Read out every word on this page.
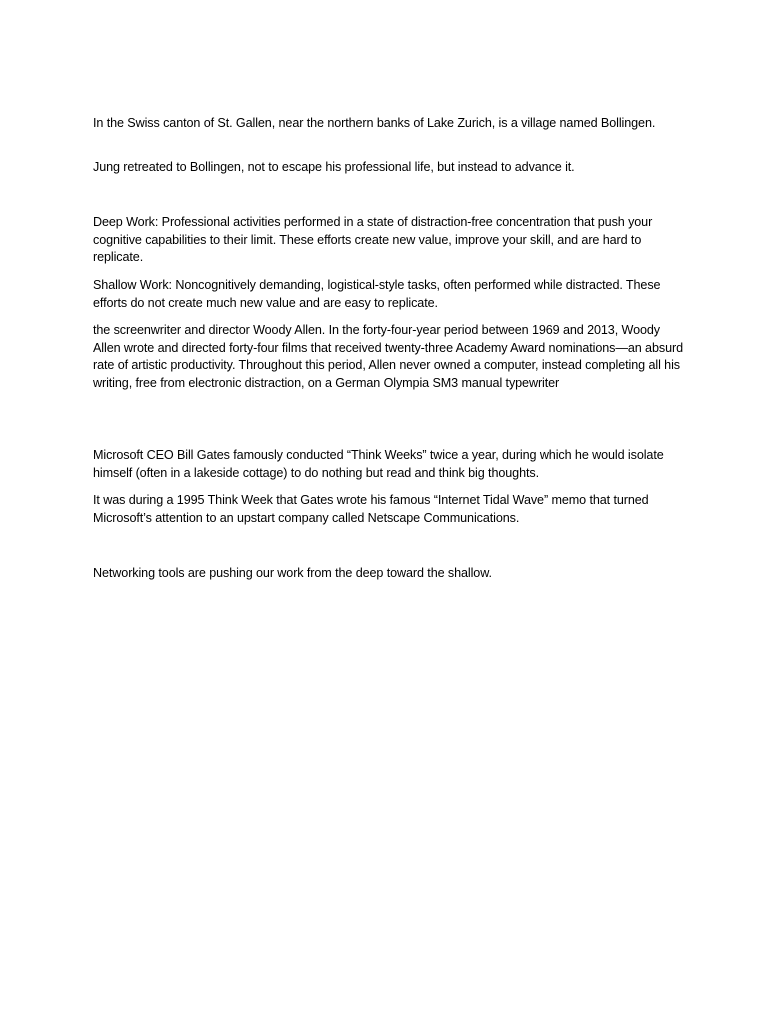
In the Swiss canton of St. Gallen, near the northern banks of Lake Zurich, is a village named Bollingen.

Jung retreated to Bollingen, not to escape his professional life, but instead to advance it.

Deep Work: Professional activities performed in a state of distraction-free concentration that push your cognitive capabilities to their limit. These efforts create new value, improve your skill, and are hard to replicate.

Shallow Work: Noncognitively demanding, logistical-style tasks, often performed while distracted. These efforts do not create much new value and are easy to replicate.

the screenwriter and director Woody Allen. In the forty-four-year period between 1969 and 2013, Woody Allen wrote and directed forty-four films that received twenty-three Academy Award nominations—an absurd rate of artistic productivity. Throughout this period, Allen never owned a computer, instead completing all his writing, free from electronic distraction, on a German Olympia SM3 manual typewriter

Microsoft CEO Bill Gates famously conducted “Think Weeks” twice a year, during which he would isolate himself (often in a lakeside cottage) to do nothing but read and think big thoughts.

It was during a 1995 Think Week that Gates wrote his famous “Internet Tidal Wave” memo that turned Microsoft’s attention to an upstart company called Netscape Communications.

Networking tools are pushing our work from the deep toward the shallow.
